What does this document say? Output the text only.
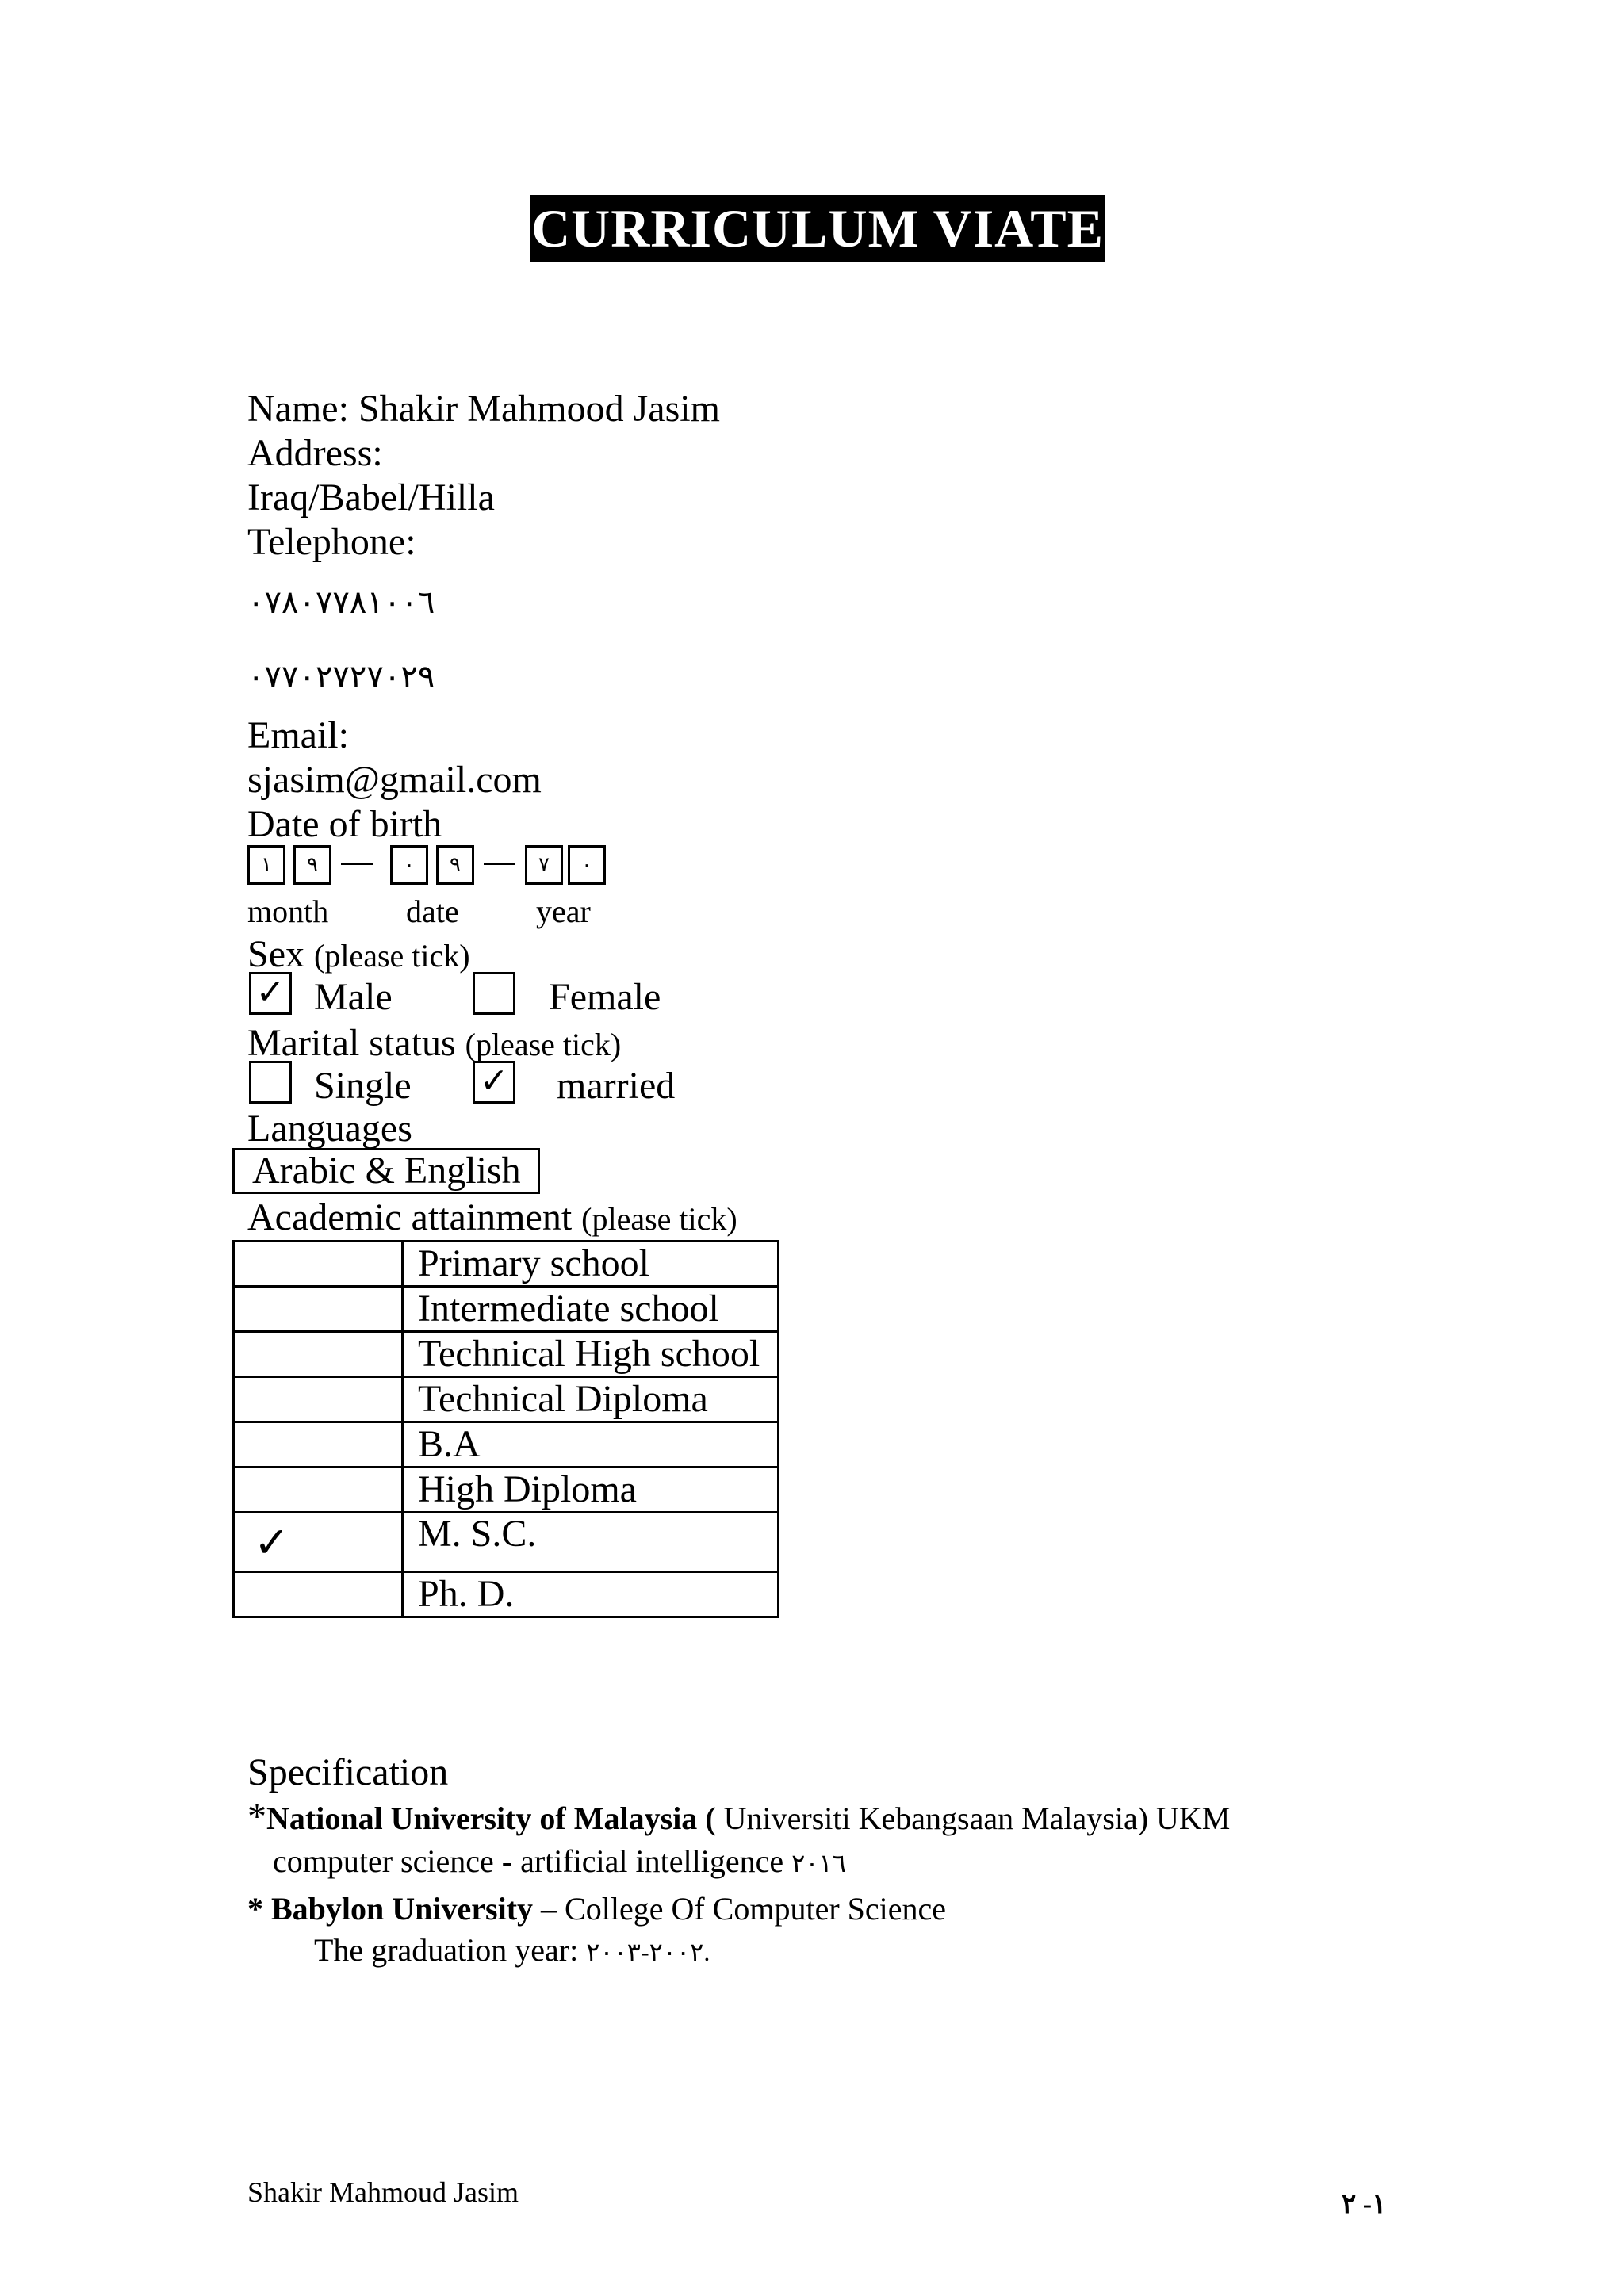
CURRICULUM VIATE
Name: Shakir Mahmood Jasim
Address:
Iraq/Babel/Hilla
Telephone:
٠٧٨٠٧٧٨١٠٠٦
٠٧٧٠٢٧٢٧٠٢٩
Email:
sjasim@gmail.com
Date of birth
١	٩	٠	٩	٧	٠
month date year
Sex (please tick)
✓ Male	Female
Marital status (please tick)
Single ✓ married
Languages
Arabic & English
Academic attainment (please tick)
	Primary school
	Intermediate school
	Technical High school
	Technical Diploma
	B.A
	High Diploma
✓	M. S.C.
	Ph. D.
Specification
*National University of Malaysia ( Universiti Kebangsaan Malaysia) UKM
computer science - artificial intelligence ٢٠١٦
* Babylon University – College Of Computer Science
The graduation year: ٢٠٠٢-٢٠٠٣.
Shakir Mahmoud Jasim	١- ٢
